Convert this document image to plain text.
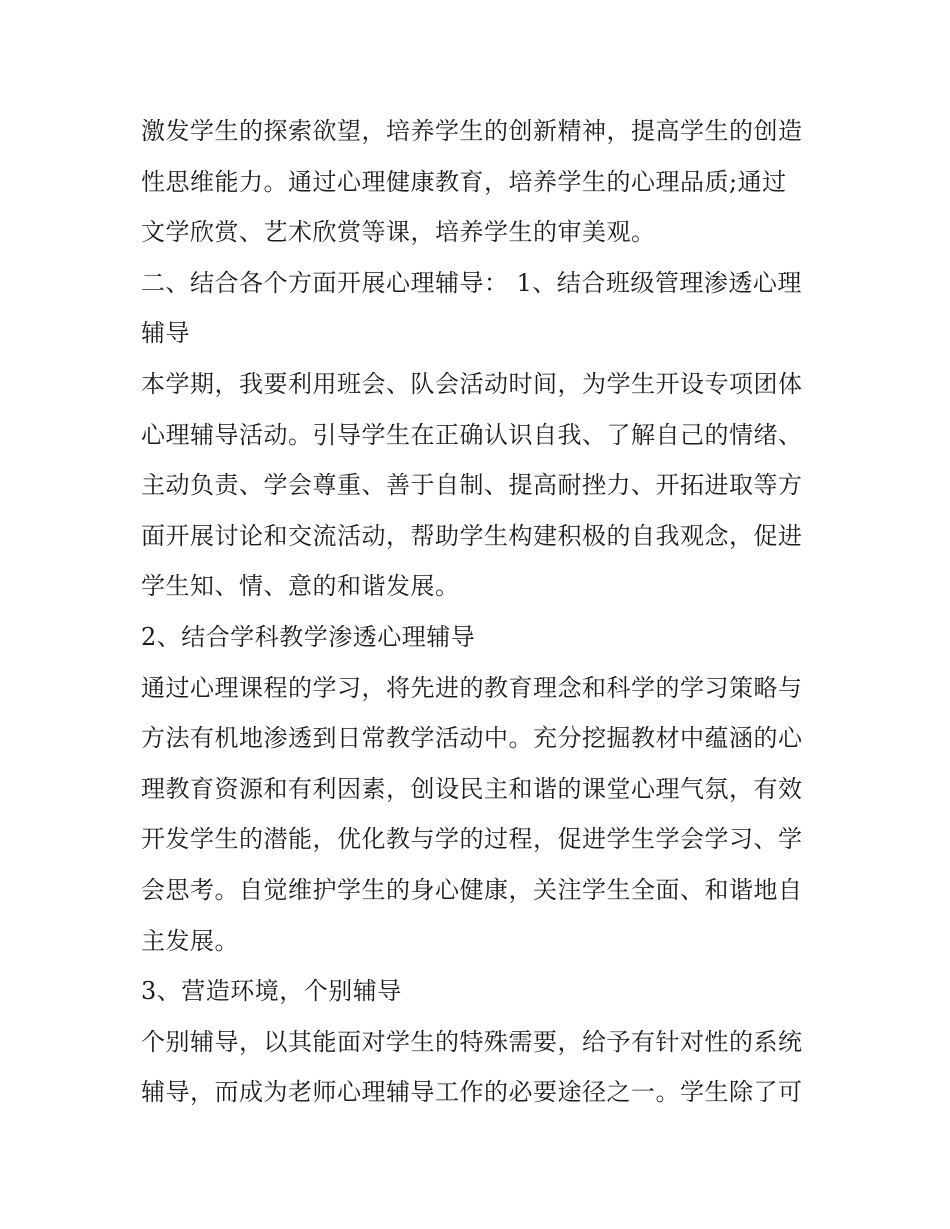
激发学生的探索欲望，培养学生的创新精神，提高学生的创造
性思维能力。通过心理健康教育，培养学生的心理品质;通过
文学欣赏、艺术欣赏等课，培养学生的审美观。
二、结合各个方面开展心理辅导： 1、结合班级管理渗透心理
辅导
本学期，我要利用班会、队会活动时间，为学生开设专项团体
心理辅导活动。引导学生在正确认识自我、了解自己的情绪、
主动负责、学会尊重、善于自制、提高耐挫力、开拓进取等方
面开展讨论和交流活动，帮助学生构建积极的自我观念，促进
学生知、情、意的和谐发展。
2、结合学科教学渗透心理辅导
通过心理课程的学习，将先进的教育理念和科学的学习策略与
方法有机地渗透到日常教学活动中。充分挖掘教材中蕴涵的心
理教育资源和有利因素，创设民主和谐的课堂心理气氛，有效
开发学生的潜能，优化教与学的过程，促进学生学会学习、学
会思考。自觉维护学生的身心健康，关注学生全面、和谐地自
主发展。
3、营造环境，个别辅导
个别辅导，以其能面对学生的特殊需要，给予有针对性的系统
辅导，而成为老师心理辅导工作的必要途径之一。学生除了可
